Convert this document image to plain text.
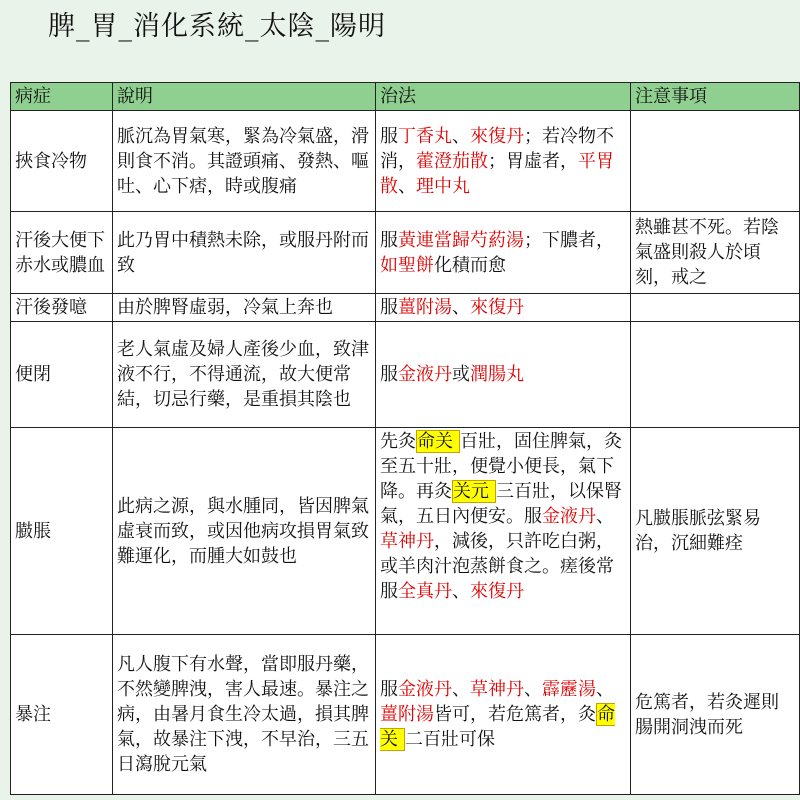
脾_胃_消化系統_太陰_陽明
病症	說明	治法	注意事項
挾食冷物	脈沉為胃氣寒，緊為冷氣盛，滑則食不消。其證頭痛、發熱、嘔吐、心下痞，時或腹痛	服丁香丸、來復丹；若冷物不消，藿澄茄散；胃虛者，平胃散、理中丸	
汗後大便下赤水或膿血	此乃胃中積熱未除，或服丹附而致	服黃連當歸芍葯湯；下膿者，如聖餅化積而愈	熱雖甚不死。若陰氣盛則殺人於頃刻，戒之
汗後發噫	由於脾腎虛弱，冷氣上奔也	服薑附湯、來復丹	
便閉	老人氣虛及婦人產後少血，致津液不行，不得通流，故大便常結，切忌行藥，是重損其陰也	服金液丹或潤腸丸	
臌脹	此病之源，與水腫同，皆因脾氣虛衰而致，或因他病攻損胃氣致難運化，而腫大如鼓也	先灸命关 百壯，固住脾氣，灸至五十壯，便覺小便長，氣下降。再灸关元 三百壯，以保腎氣，五日內便安。服金液丹、草神丹，減後，只許吃白粥，或羊肉汁泡蒸餅食之。瘥後常服全真丹、來復丹	凡臌脹脈弦緊易治，沉細難痊
暴注	凡人腹下有水聲，當即服丹藥，不然變脾洩，害人最速。暴注之病，由暑月食生冷太過，損其脾氣，故暴注下洩，不早治，三五日瀉脫元氣	服金液丹、草神丹、霹靂湯、薑附湯皆可，若危篤者，灸命关 二百壯可保	危篤者，若灸遲則腸開洞洩而死
